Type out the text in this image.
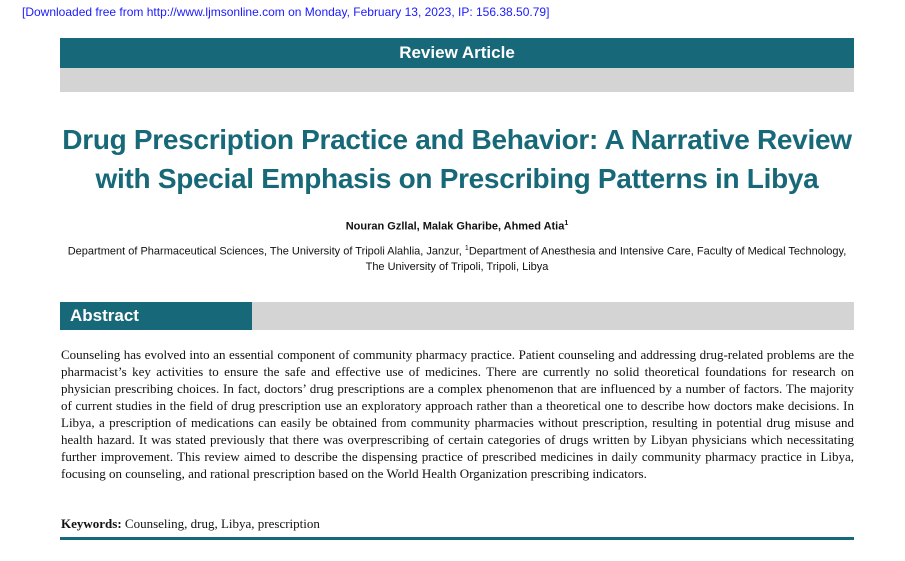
[Downloaded free from http://www.ljmsonline.com on Monday, February 13, 2023, IP: 156.38.50.79]
Review Article
Drug Prescription Practice and Behavior: A Narrative Review
with Special Emphasis on Prescribing Patterns in Libya
Nouran Gzllal, Malak Gharibe, Ahmed Atia$^1$
Department of Pharmaceutical Sciences, The University of Tripoli Alahlia, Janzur, $^1$Department of Anesthesia and Intensive Care, Faculty of Medical Technology, The University of Tripoli, Tripoli, Libya
Abstract

Counseling has evolved into an essential component of community pharmacy practice. Patient counseling and addressing drug-related problems are the pharmacist’s key activities to ensure the safe and effective use of medicines. There are currently no solid theoretical foundations for research on physician prescribing choices. In fact, doctors’ drug prescriptions are a complex phenomenon that are influenced by a number of factors. The majority of current studies in the field of drug prescription use an exploratory approach rather than a theoretical one to describe how doctors make decisions. In Libya, a prescription of medications can easily be obtained from community pharmacies without prescription, resulting in potential drug misuse and health hazard. It was stated previously that there was overprescribing of certain categories of drugs written by Libyan physicians which necessitating further improvement. This review aimed to describe the dispensing practice of prescribed medicines in daily community pharmacy practice in Libya, focusing on counseling, and rational prescription based on the World Health Organization prescribing indicators.

Keywords: Counseling, drug, Libya, prescription
